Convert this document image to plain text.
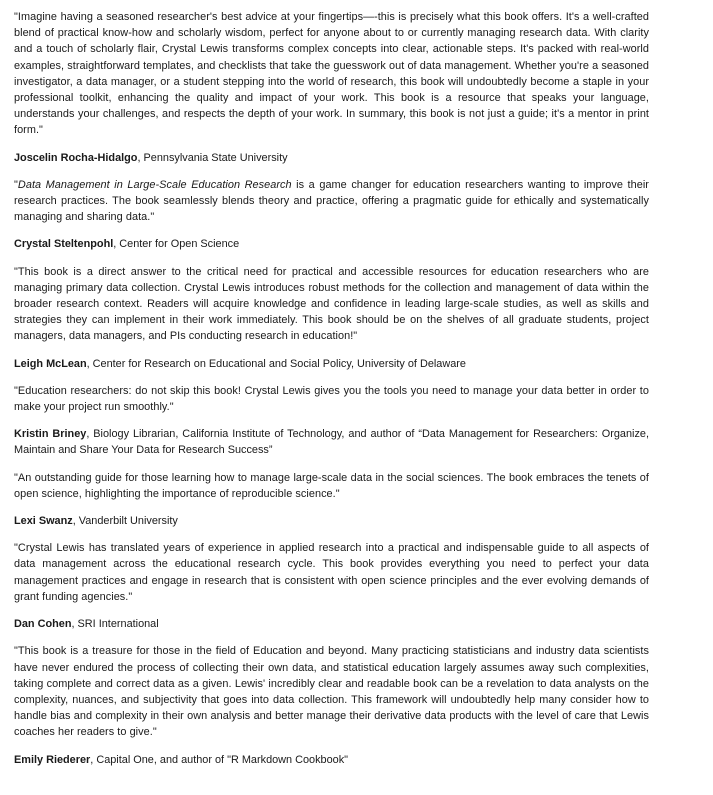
"Imagine having a seasoned researcher's best advice at your fingertips—-this is precisely what this book offers. It's a well-crafted blend of practical know-how and scholarly wisdom, perfect for anyone about to or currently managing research data. With clarity and a touch of scholarly flair, Crystal Lewis transforms complex concepts into clear, actionable steps. It's packed with real-world examples, straightforward templates, and checklists that take the guesswork out of data management. Whether you're a seasoned investigator, a data manager, or a student stepping into the world of research, this book will undoubtedly become a staple in your professional toolkit, enhancing the quality and impact of your work. This book is a resource that speaks your language, understands your challenges, and respects the depth of your work. In summary, this book is not just a guide; it's a mentor in print form."

Joscelin Rocha-Hidalgo, Pennsylvania State University

"Data Management in Large-Scale Education Research is a game changer for education researchers wanting to improve their research practices. The book seamlessly blends theory and practice, offering a pragmatic guide for ethically and systematically managing and sharing data."

Crystal Steltenpohl, Center for Open Science

"This book is a direct answer to the critical need for practical and accessible resources for education researchers who are managing primary data collection. Crystal Lewis introduces robust methods for the collection and management of data within the broader research context. Readers will acquire knowledge and confidence in leading large-scale studies, as well as skills and strategies they can implement in their work immediately. This book should be on the shelves of all graduate students, project managers, data managers, and PIs conducting research in education!"

Leigh McLean, Center for Research on Educational and Social Policy, University of Delaware

"Education researchers: do not skip this book! Crystal Lewis gives you the tools you need to manage your data better in order to make your project run smoothly."

Kristin Briney, Biology Librarian, California Institute of Technology, and author of “Data Management for Researchers: Organize, Maintain and Share Your Data for Research Success”

"An outstanding guide for those learning how to manage large-scale data in the social sciences. The book embraces the tenets of open science, highlighting the importance of reproducible science."

Lexi Swanz, Vanderbilt University

"Crystal Lewis has translated years of experience in applied research into a practical and indispensable guide to all aspects of data management across the educational research cycle. This book provides everything you need to perfect your data management practices and engage in research that is consistent with open science principles and the ever evolving demands of grant funding agencies."

Dan Cohen, SRI International

"This book is a treasure for those in the field of Education and beyond. Many practicing statisticians and industry data scientists have never endured the process of collecting their own data, and statistical education largely assumes away such complexities, taking complete and correct data as a given. Lewis' incredibly clear and readable book can be a revelation to data analysts on the complexity, nuances, and subjectivity that goes into data collection. This framework will undoubtedly help many consider how to handle bias and complexity in their own analysis and better manage their derivative data products with the level of care that Lewis coaches her readers to give."

Emily Riederer, Capital One, and author of "R Markdown Cookbook"
